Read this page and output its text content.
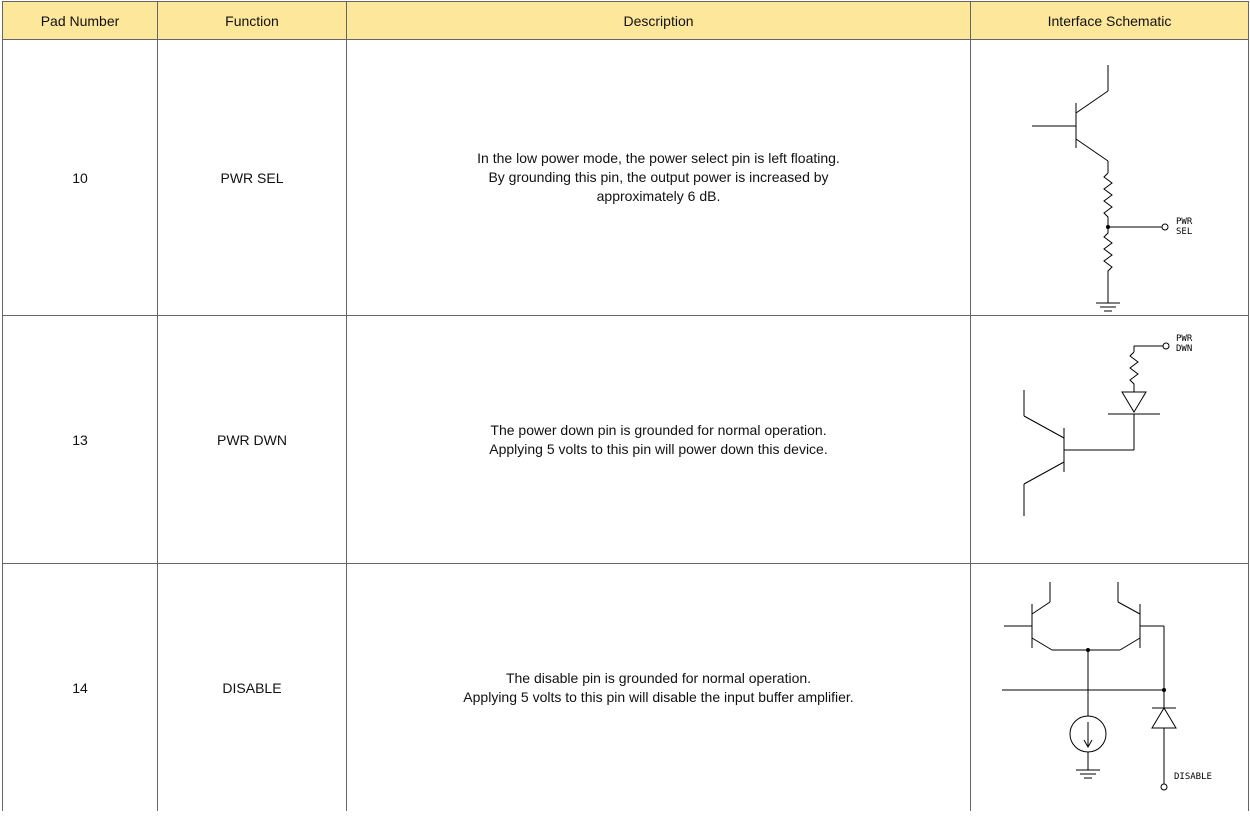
Pad Number	Function	Description	Interface Schematic
10	PWR SEL	In the low power mode, the power select pin is left floating.
By grounding this pin, the output power is increased by
approximately 6 dB.	PWR
SEL

13	PWR DWN	The power down pin is grounded for normal operation.
Applying 5 volts to this pin will power down this device.	PWR
DWN

14	DISABLE	The disable pin is grounded for normal operation.
Applying 5 volts to this pin will disable the input buffer amplifier.	DISABLE
